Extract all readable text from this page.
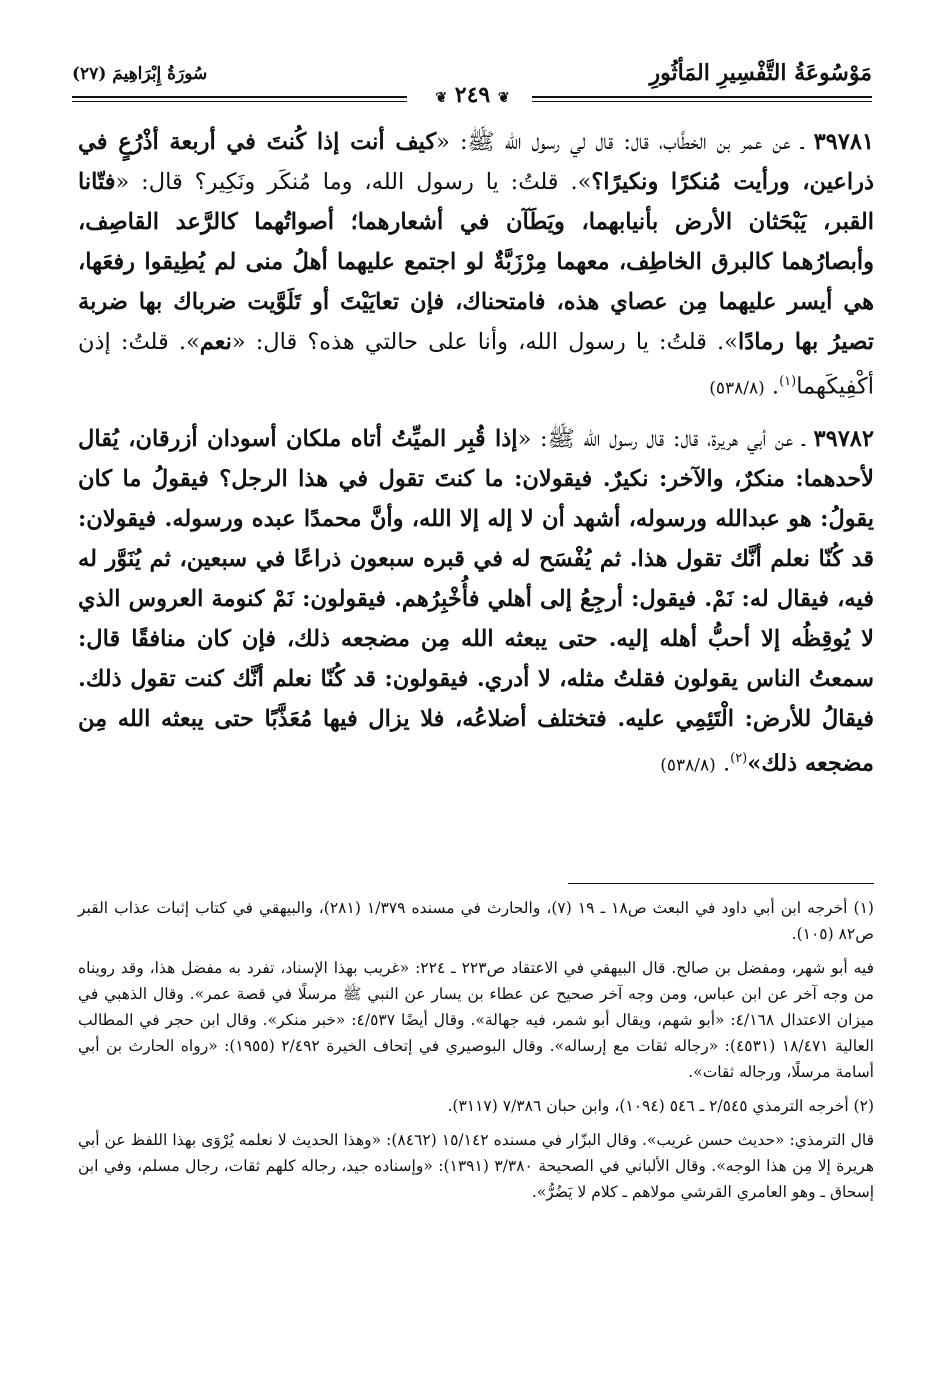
مَوْسُوعَةُ التَّفْسِيرِ المَأثُورِ
سُورَةُ إِبْرَاهِيمَ (٢٧)
❦ ٢٤٩ ❦

٣٩٧٨١ ـ عن عمر بن الخطَّاب، قال: قال لي رسول الله ﷺ: «كيف أنت إذا كُنتَ في أربعة أذْرُعٍ في ذراعين، ورأيت مُنكرًا ونكيرًا؟». قلتُ: يا رسول الله، وما مُنكَر ونَكِير؟ قال: «فتّانا القبر، يَبْحَثان الأرض بأنيابهما، ويَطَآن في أشعارهما؛ أصواتُهما كالرَّعد القاصِف، وأبصارُهما كالبرق الخاطِف، معهما مِرْزَبَّةٌ لو اجتمع عليهما أهلُ منى لم يُطِيقوا رفعَها، هي أيسر عليهما مِن عصاي هذه، فامتحناك، فإن تعايَيْتَ أو تَلَوَّيت ضرباك بها ضربة تصيرُ بها رمادًا». قلتُ: يا رسول الله، وأنا على حالتي هذه؟ قال: «نعم». قلتُ: إذن أكْفِيكَهما$^{(١)}$. (٥٣٨/٨)

٣٩٧٨٢ ـ عن أبي هريرة، قال: قال رسول الله ﷺ: «إذا قُبِر الميِّتُ أتاه ملكان أسودان أزرقان، يُقال لأحدهما: منكرٌ، والآخر: نكيرٌ. فيقولان: ما كنتَ تقول في هذا الرجل؟ فيقولُ ما كان يقولُ: هو عبدالله ورسوله، أشهد أن لا إله إلا الله، وأنَّ محمدًا عبده ورسوله. فيقولان: قد كُنّا نعلم أنَّك تقول هذا. ثم يُفْسَح له في قبره سبعون ذراعًا في سبعين، ثم يُنَوَّر له فيه، فيقال له: نَمْ. فيقول: أرجِعُ إلى أهلي فأُخْبِرُهم. فيقولون: نَمْ كنومة العروس الذي لا يُوقِظُه إلا أحبُّ أهله إليه. حتى يبعثه الله مِن مضجعه ذلك، فإن كان منافقًا قال: سمعتُ الناس يقولون فقلتُ مثله، لا أدري. فيقولون: قد كُنّا نعلم أنَّك كنت تقول ذلك. فيقالُ للأرض: الْتَئِمِي عليه. فتختلف أضلاعُه، فلا يزال فيها مُعَذَّبًا حتى يبعثه الله مِن مضجعه ذلك»$^{(٢)}$. (٥٣٨/٨)

(١) أخرجه ابن أبي داود في البعث ص١٨ ـ ١٩ (٧)، والحارث في مسنده ١/٣٧٩ (٢٨١)، والبيهقي في كتاب إثبات عذاب القبر ص٨٢ (١٠٥).

فيه أبو شهر، ومفضل بن صالح. قال البيهقي في الاعتقاد ص٢٢٣ ـ ٢٢٤: «غريب بهذا الإسناد، تفرد به مفضل هذا، وقد رويناه من وجه آخر عن ابن عباس، ومن وجه آخر صحيح عن عطاء بن يسار عن النبي ﷺ مرسلًا في قصة عمر». وقال الذهبي في ميزان الاعتدال ٤/١٦٨: «أبو شهم، ويقال أبو شمر، فيه جهالة». وقال أيضًا ٤/٥٣٧: «خبر منكر». وقال ابن حجر في المطالب العالية ١٨/٤٧١ (٤٥٣١): «رجاله ثقات مع إرساله». وقال البوصيري في إتحاف الخيرة ٢/٤٩٢ (١٩٥٥): «رواه الحارث بن أبي أسامة مرسلًا، ورجاله ثقات».

(٢) أخرجه الترمذي ٢/٥٤٥ ـ ٥٤٦ (١٠٩٤)، وابن حبان ٧/٣٨٦ (٣١١٧).

قال الترمذي: «حديث حسن غريب». وقال البزّار في مسنده ١٥/١٤٢ (٨٤٦٢): «وهذا الحديث لا نعلمه يُرْوَى بهذا اللفظ عن أبي هريرة إلا مِن هذا الوجه». وقال الألباني في الصحيحة ٣/٣٨٠ (١٣٩١): «وإسناده جيد، رجاله كلهم ثقات، رجال مسلم، وفي ابن إسحاق ـ وهو العامري القرشي مولاهم ـ كلام لا يَضُرُّ».
